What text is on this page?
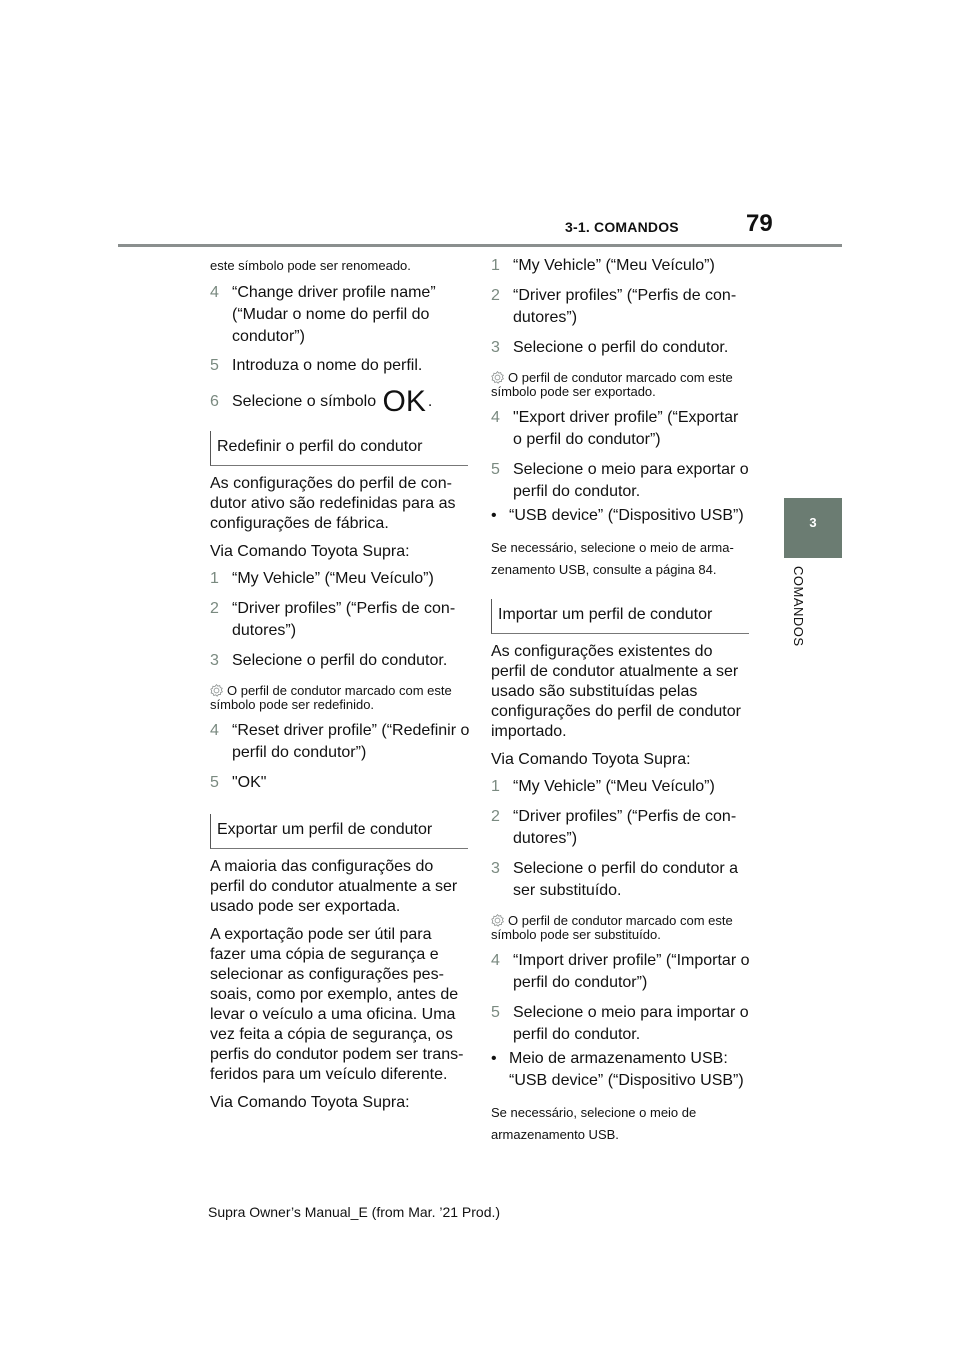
3-1. COMANDOS	79
3
COMANDOS

este símbolo pode ser renomeado.

4 “Change driver profile name” (“Mudar o nome do perfil do condutor”)
5 Introduza o nome do perfil.
6 Selecione o símbolo OK .
Redefinir o perfil do condutor

As configurações do perfil de con- dutor ativo são redefinidas para as configurações de fábrica.

Via Comando Toyota Supra:

1 “My Vehicle” (“Meu Veículo”)
2 “Driver profiles” (“Perfis de con- dutores”)
3 Selecione o perfil do condutor.

O perfil de condutor marcado com este símbolo pode ser redefinido.

4 “Reset driver profile” (“Redefinir o perfil do condutor”)
5 "OK"
Exportar um perfil de condutor

A maioria das configurações do perfil do condutor atualmente a ser usado pode ser exportada.

A exportação pode ser útil para fazer uma cópia de segurança e selecionar as configurações pes- soais, como por exemplo, antes de levar o veículo a uma oficina. Uma vez feita a cópia de segurança, os perfis do condutor podem ser trans- feridos para um veículo diferente.

Via Comando Toyota Supra:

1 “My Vehicle” (“Meu Veículo”)
2 “Driver profiles” (“Perfis de con- dutores”)
3 Selecione o perfil do condutor.

O perfil de condutor marcado com este símbolo pode ser exportado.

4 "Export driver profile” (“Exportar o perfil do condutor”)
5 Selecione o meio para exportar o perfil do condutor.
• “USB device” (“Dispositivo USB”)

Se necessário, selecione o meio de arma- zenamento USB, consulte a página 84.

Importar um perfil de condutor

As configurações existentes do perfil de condutor atualmente a ser usado são substituídas pelas configurações do perfil de condutor importado.

Via Comando Toyota Supra:

1 “My Vehicle” (“Meu Veículo”)
2 “Driver profiles” (“Perfis de con- dutores”)
3 Selecione o perfil do condutor a ser substituído.

O perfil de condutor marcado com este símbolo pode ser substituído.

4 “Import driver profile” (“Importar o perfil do condutor”)
5 Selecione o meio para importar o perfil do condutor.
• Meio de armazenamento USB: “USB device” (“Dispositivo USB”)

Se necessário, selecione o meio de armazenamento USB.

Supra Owner’s Manual_E (from Mar. ’21 Prod.)
